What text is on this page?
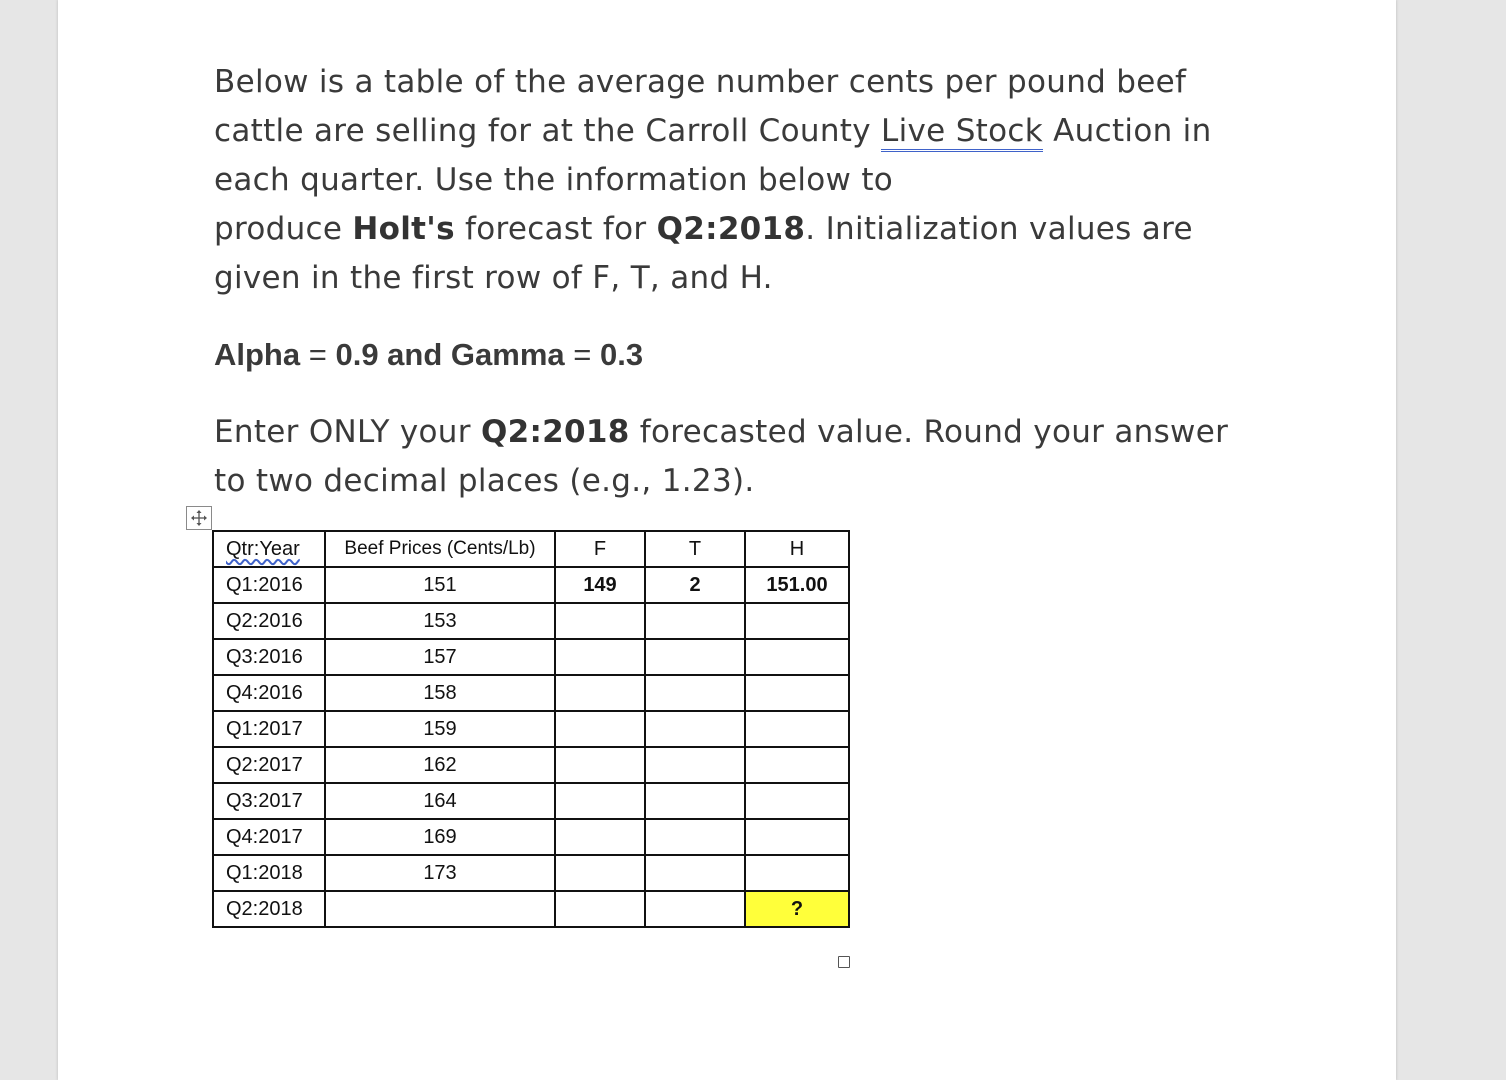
Below is a table of the average number cents per pound beef
cattle are selling for at the Carroll County Live Stock Auction in
each quarter. Use the information below to
produce Holt's forecast for Q2:2018. Initialization values are
given in the first row of F, T, and H.

Alpha = 0.9 and Gamma = 0.3

Enter ONLY your Q2:2018 forecasted value. Round your answer
to two decimal places (e.g., 1.23).

Qtr:Year	Beef Prices (Cents/Lb)	F	T	H
Q1:2016	151	149	2	151.00
Q2:2016	153			
Q3:2016	157			
Q4:2016	158			
Q1:2017	159			
Q2:2017	162			
Q3:2017	164			
Q4:2017	169			
Q1:2018	173			
Q2:2018				?
